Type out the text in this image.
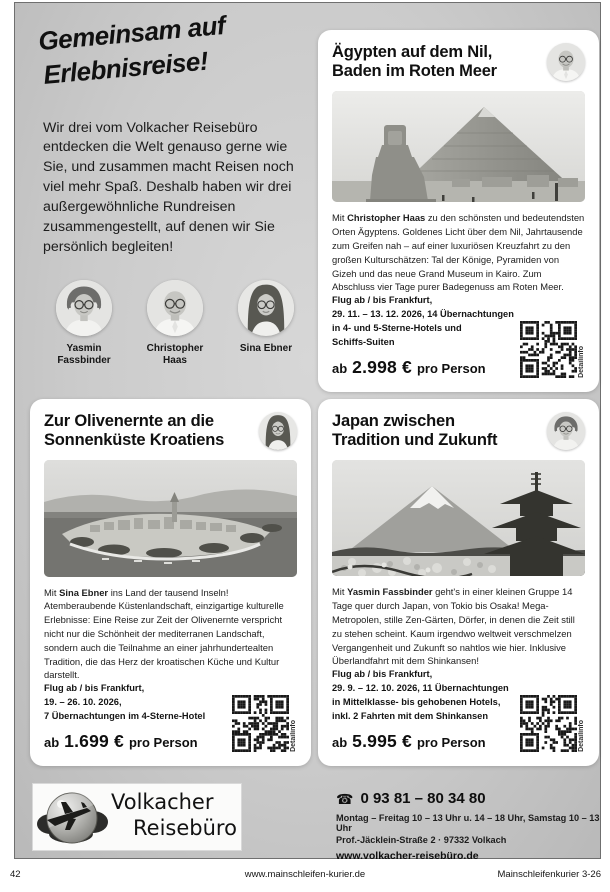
Gemeinsam auf
Erlebnisreise!
Wir drei vom Volkacher Reisebüro entdecken die Welt genauso gerne wie Sie, und zusammen macht Reisen noch viel mehr Spaß. Deshalb haben wir drei außergewöhnliche Rundreisen zusammengestellt, auf denen wir Sie persönlich begleiten!
Yasmin Fassbinder
Christopher Haas
Sina Ebner
Ägypten auf dem Nil,
Baden im Roten Meer
Mit Christopher Haas zu den schönsten und bedeutendsten Orten Ägyptens. Goldenes Licht über dem Nil, Jahrtausende zum Greifen nah – auf einer luxuriösen Kreuzfahrt zu den großen Kulturschätzen: Tal der Könige, Pyramiden von Gizeh und das neue Grand Museum in Kairo. Zum Abschluss vier Tage purer Badegenuss am Roten Meer.
Flug ab / bis Frankfurt,
29. 11. – 13. 12. 2026, 14 Übernachtungen
in 4- und 5-Sterne-Hotels und
Schiffs-Suiten
ab 2.998 € pro Person	Detailinfo
Zur Olivenernte an die
Sonnenküste Kroatiens
Mit Sina Ebner ins Land der tausend Inseln! Atemberaubende Küstenlandschaft, einzigartige kulturelle Erlebnisse: Eine Reise zur Zeit der Olivenernte verspricht nicht nur die Schönheit der mediterranen Landschaft, sondern auch die Teilnahme an einer jahrhundertealten Tradition, die das Herz der kroatischen Küche und Kultur darstellt.
Flug ab / bis Frankfurt,
19. – 26. 10. 2026,
7 Übernachtungen im 4-Sterne-Hotel
ab 1.699 € pro Person	Detailinfo
Japan zwischen
Tradition und Zukunft
Mit Yasmin Fassbinder geht's in einer kleinen Gruppe 14 Tage quer durch Japan, von Tokio bis Osaka! Mega-Metropolen, stille Zen-Gärten, Dörfer, in denen die Zeit still zu stehen scheint. Kaum irgendwo weltweit verschmelzen Vergangenheit und Zukunft so nahtlos wie hier. Inklusive Überlandfahrt mit dem Shinkansen!
Flug ab / bis Frankfurt,
29. 9. – 12. 10. 2026, 11 Übernachtungen
in Mittelklasse- bis gehobenen Hotels,
inkl. 2 Fahrten mit dem Shinkansen
ab 5.995 € pro Person	Detailinfo
Volkacher
Reisebüro
☎ 0 93 81 – 80 34 80
Montag – Freitag 10 – 13 Uhr u. 14 – 18 Uhr, Samstag 10 – 13 Uhr
Prof.-Jäcklein-Straße 2 · 97332 Volkach
www.volkacher-reisebüro.de
42	www.mainschleifen-kurier.de	Mainschleifenkurier 3-26
